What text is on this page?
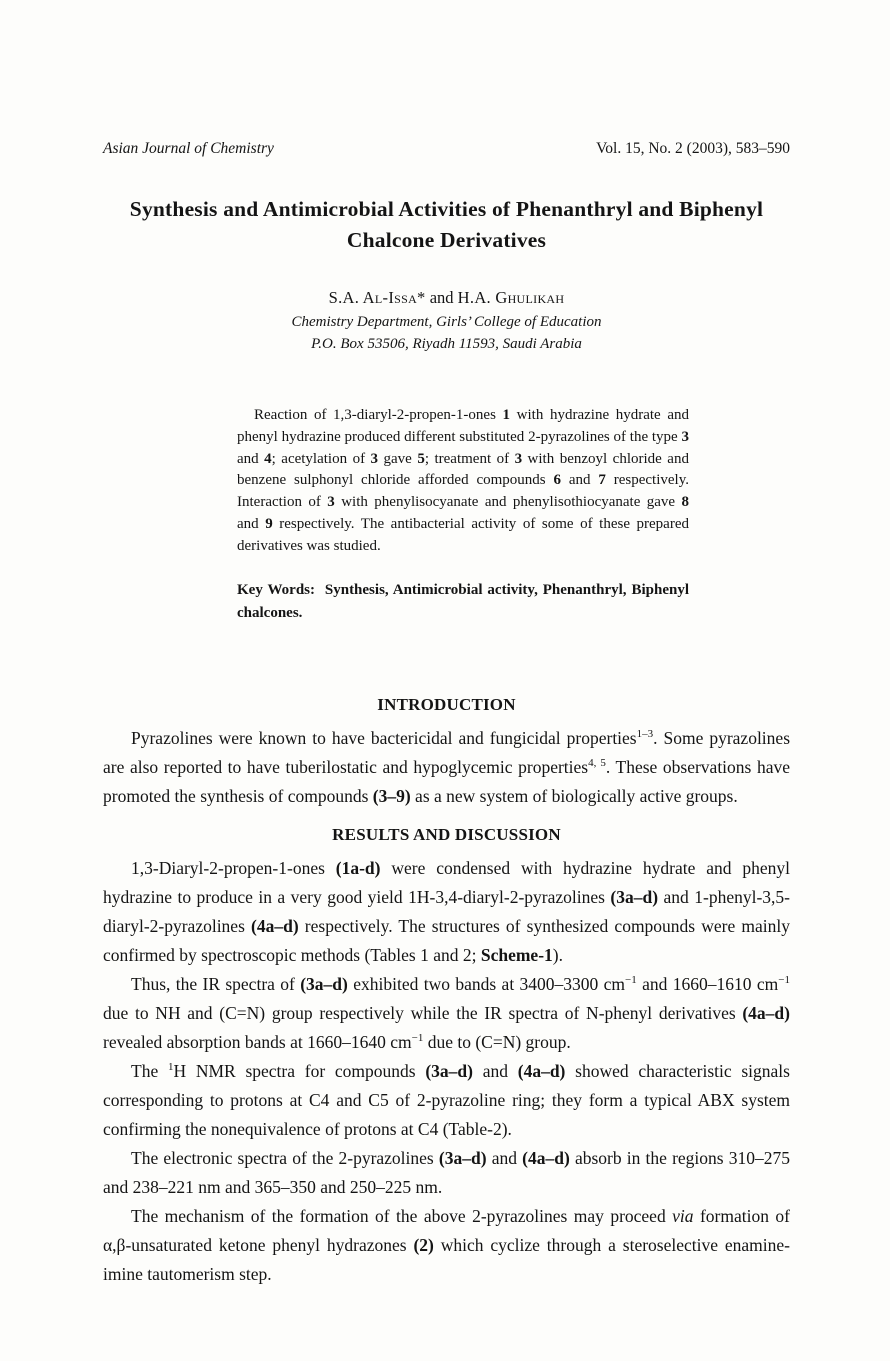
Asian Journal of Chemistry	Vol. 15, No. 2 (2003), 583–590
Synthesis and Antimicrobial Activities of Phenanthryl and Biphenyl Chalcone Derivatives
S.A. Al-Issa* and H.A. Ghulikah
Chemistry Department, Girls’ College of Education
P.O. Box 53506, Riyadh 11593, Saudi Arabia
Reaction of 1,3-diaryl-2-propen-1-ones 1 with hydrazine hydrate and phenyl hydrazine produced different substituted 2-pyrazolines of the type 3 and 4; acetylation of 3 gave 5; treatment of 3 with benzoyl chloride and benzene sulphonyl chloride afforded compounds 6 and 7 respectively. Interaction of 3 with phenylisocyanate and phenylisothiocyanate gave 8 and 9 respectively. The antibacterial activity of some of these prepared derivatives was studied.
Key Words:  Synthesis, Antimicrobial activity, Phenanthryl, Biphenyl chalcones.
INTRODUCTION

Pyrazolines were known to have bactericidal and fungicidal properties$^{1-3}$. Some pyrazolines are also reported to have tuberilostatic and hypoglycemic properties$^{4, 5}$. These observations have promoted the synthesis of compounds (3–9) as a new system of biologically active groups.

RESULTS AND DISCUSSION

1,3-Diaryl-2-propen-1-ones (1a-d) were condensed with hydrazine hydrate and phenyl hydrazine to produce in a very good yield 1H-3,4-diaryl-2-pyrazolines (3a–d) and 1-phenyl-3,5-diaryl-2-pyrazolines (4a–d) respectively. The structures of synthesized compounds were mainly confirmed by spectroscopic methods (Tables 1 and 2; Scheme-1).

Thus, the IR spectra of (3a–d) exhibited two bands at 3400–3300 $cm^{-1}$ and 1660–1610 $cm^{-1}$ due to NH and (C=N) group respectively while the IR spectra of N-phenyl derivatives (4a–d) revealed absorption bands at 1660–1640 $cm^{-1}$ due to (C=N) group.

The $^1$H NMR spectra for compounds (3a–d) and (4a–d) showed characteristic signals corresponding to protons at C4 and C5 of 2-pyrazoline ring; they form a typical ABX system confirming the nonequivalence of protons at C4 (Table-2).

The electronic spectra of the 2-pyrazolines (3a–d) and (4a–d) absorb in the regions 310–275 and 238–221 nm and 365–350 and 250–225 nm.

The mechanism of the formation of the above 2-pyrazolines may proceed via formation of α,β-unsaturated ketone phenyl hydrazones (2) which cyclize through a steroselective enamine-imine tautomerism step.
